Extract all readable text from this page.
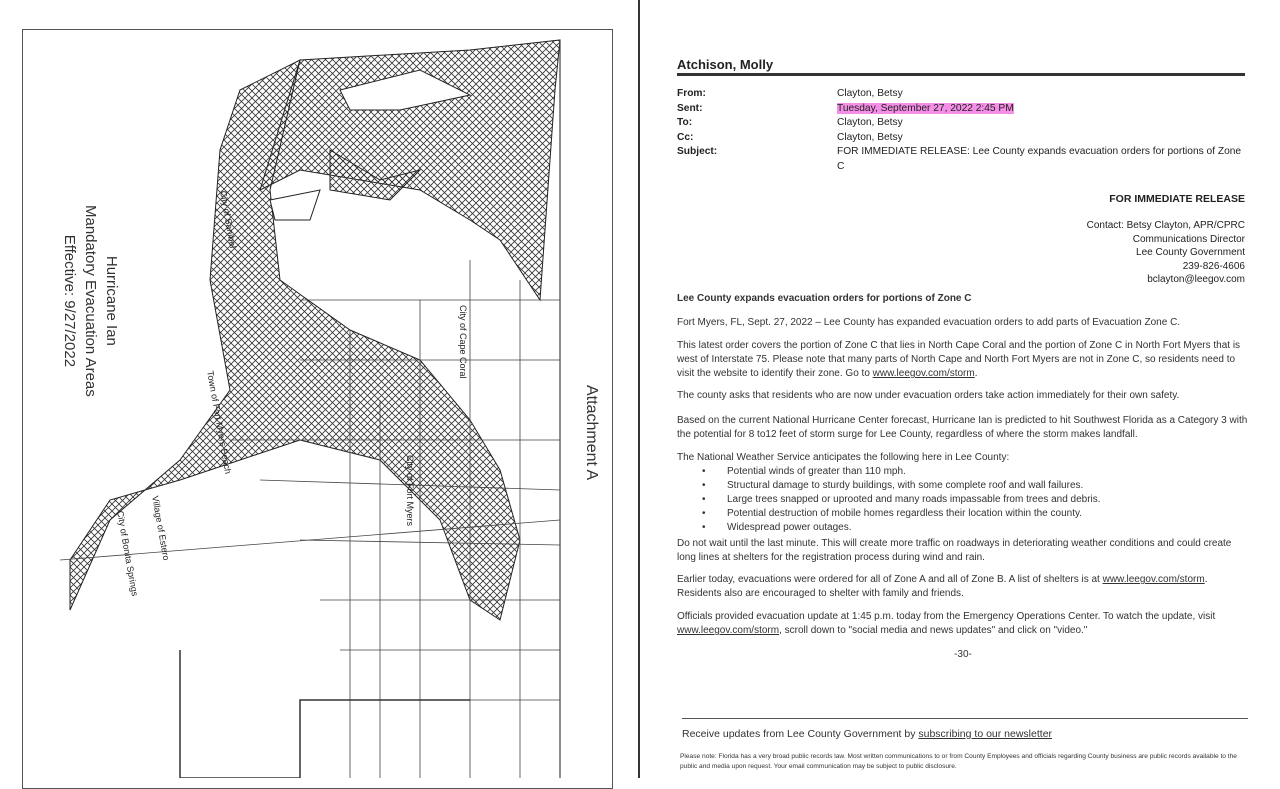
Hurricane Ian
Mandatory Evacuation Areas
Effective: 9/27/2022
Attachment A
City of Sanibel
Town of Fort Myers Beach
City of Cape Coral
City of Fort Myers
Village of Estero
City of Bonita Springs
Atchison, Molly
From:	Clayton, Betsy
Sent:	Tuesday, September 27, 2022 2:45 PM
To:	Clayton, Betsy
Cc:	Clayton, Betsy
Subject:	FOR IMMEDIATE RELEASE: Lee County expands evacuation orders for portions of Zone C
FOR IMMEDIATE RELEASE
Contact: Betsy Clayton, APR/CPRC
Communications Director
Lee County Government
239-826-4606
bclayton@leegov.com
Lee County expands evacuation orders for portions of Zone C
Fort Myers, FL, Sept. 27, 2022 – Lee County has expanded evacuation orders to add parts of Evacuation Zone C.
This latest order covers the portion of Zone C that lies in North Cape Coral and the portion of Zone C in North Fort Myers that is west of Interstate 75. Please note that many parts of North Cape and North Fort Myers are not in Zone C, so residents need to visit the website to identify their zone. Go to www.leegov.com/storm.
The county asks that residents who are now under evacuation orders take action immediately for their own safety.
Based on the current National Hurricane Center forecast, Hurricane Ian is predicted to hit Southwest Florida as a Category 3 with the potential for 8 to12 feet of storm surge for Lee County, regardless of where the storm makes landfall.
The National Weather Service anticipates the following here in Lee County:
• Potential winds of greater than 110 mph.
• Structural damage to sturdy buildings, with some complete roof and wall failures.
• Large trees snapped or uprooted and many roads impassable from trees and debris.
• Potential destruction of mobile homes regardless their location within the county.
• Widespread power outages.
Do not wait until the last minute. This will create more traffic on roadways in deteriorating weather conditions and could create long lines at shelters for the registration process during wind and rain.
Earlier today, evacuations were ordered for all of Zone A and all of Zone B. A list of shelters is at www.leegov.com/storm. Residents also are encouraged to shelter with family and friends.
Officials provided evacuation update at 1:45 p.m. today from the Emergency Operations Center. To watch the update, visit www.leegov.com/storm, scroll down to "social media and news updates" and click on "video."
-30-
Receive updates from Lee County Government by subscribing to our newsletter
Please note: Florida has a very broad public records law. Most written communications to or from County Employees and officials regarding County business are public records available to the public and media upon request. Your email communication may be subject to public disclosure.
